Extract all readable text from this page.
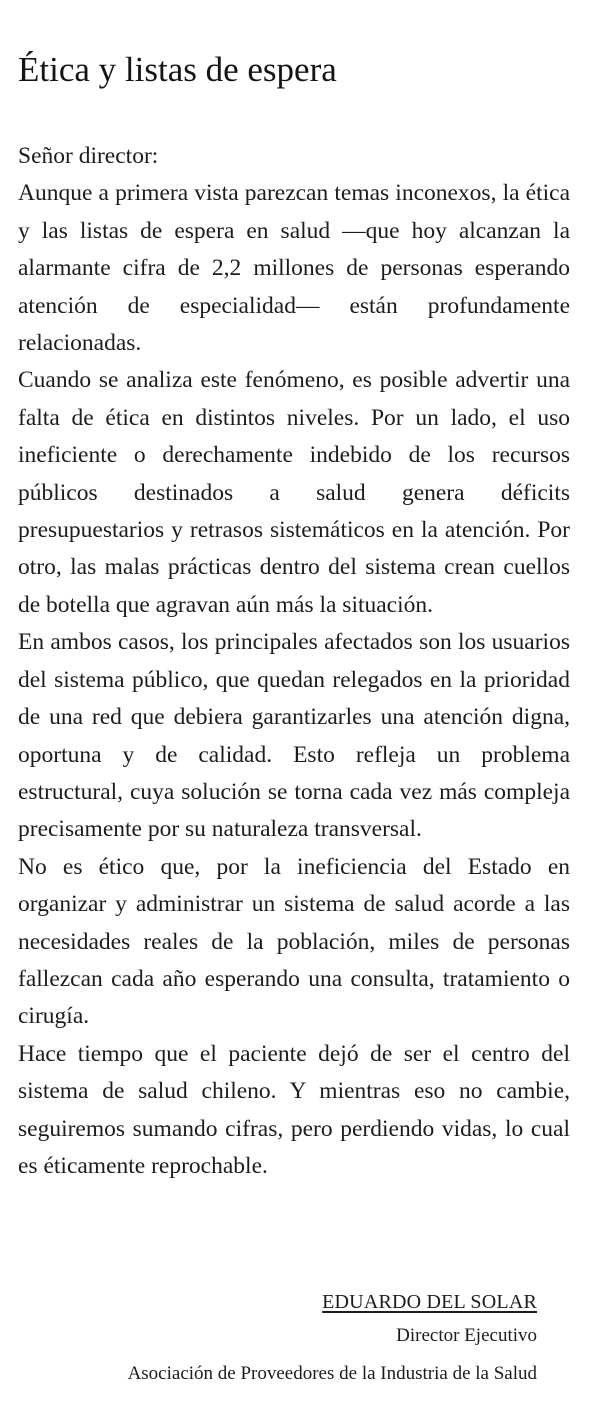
Ética y listas de espera

Señor director:

Aunque a primera vista parezcan temas inconexos, la ética y las listas de espera en salud —que hoy alcanzan la alarmante cifra de 2,2 millones de personas esperando atención de especialidad— están profundamente relacionadas.

Cuando se analiza este fenómeno, es posible advertir una falta de ética en distintos niveles. Por un lado, el uso ineficiente o derechamente indebido de los recursos públicos destinados a salud genera déficits presupuestarios y retrasos sistemáticos en la atención. Por otro, las malas prácticas dentro del sistema crean cuellos de botella que agravan aún más la situación.

En ambos casos, los principales afectados son los usuarios del sistema público, que quedan relegados en la prioridad de una red que debiera garantizarles una atención digna, oportuna y de calidad. Esto refleja un problema estructural, cuya solución se torna cada vez más compleja precisamente por su naturaleza transversal.

No es ético que, por la ineficiencia del Estado en organizar y administrar un sistema de salud acorde a las necesidades reales de la población, miles de personas fallezcan cada año esperando una consulta, tratamiento o cirugía.

Hace tiempo que el paciente dejó de ser el centro del sistema de salud chileno. Y mientras eso no cambie, seguiremos sumando cifras, pero perdiendo vidas, lo cual es éticamente reprochable.

EDUARDO DEL SOLAR
Director Ejecutivo
Asociación de Proveedores de la Industria de la Salud
